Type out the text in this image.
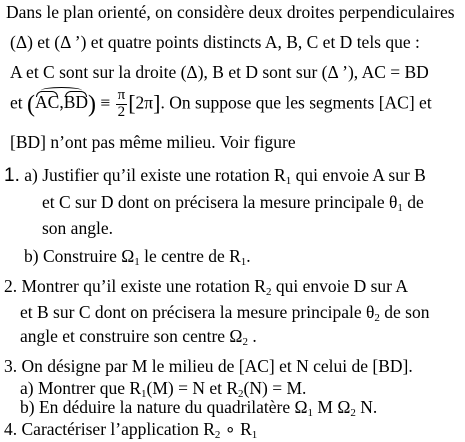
Dans le plan orienté, on considère deux droites perpendiculaires
(Δ) et (Δ ’) et quatre points distincts A, B, C et D tels que :
A et C sont sur la droite (Δ), B et D sont sur (Δ ’), AC = BD
et (
$AC,BD) \equiv \frac{\pi}{2} [2\pi]$. On suppose que les segments [AC] et
[BD] n’ont pas même milieu. Voir figure
1. a) Justifier qu’il existe une rotation $R_1$ qui envoie A sur B
et C sur D dont on précisera la mesure principale $\theta_1$ de
son angle.
b) Construire $\Omega_1$ le centre de $R_1$.
2. Montrer qu’il existe une rotation $R_2$ qui envoie D sur A
et B sur C dont on précisera la mesure principale $\theta_2$ de son
angle et construire son centre $\Omega_2$ .
3. On désigne par M le milieu de [AC] et N celui de [BD].
a) Montrer que $R_1(M) = N$ et $R_2(N) = M$.
b) En déduire la nature du quadrilatère $\Omega_1$ M $\Omega_2$ N.
4. Caractériser l’application $R_2$ ∘ $R_1$
